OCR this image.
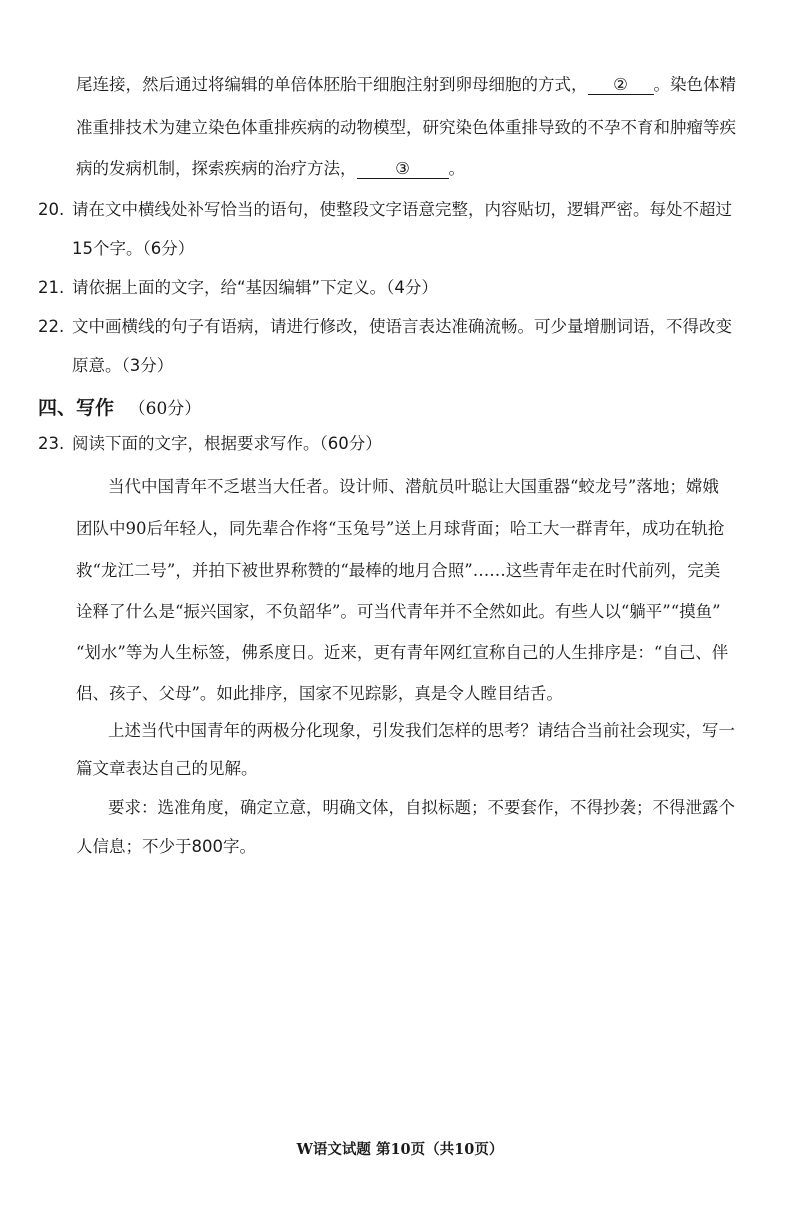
尾连接，然后通过将编辑的单倍体胚胎干细胞注射到卵母细胞的方式， ② 。染色体精
准重排技术为建立染色体重排疾病的动物模型，研究染色体重排导致的不孕不育和肿瘤等疾
病的发病机制，探索疾病的治疗方法， ③ 。
20. 请在文中横线处补写恰当的语句，使整段文字语意完整，内容贴切，逻辑严密。每处不超过
15个字。（6分）
21. 请依据上面的文字，给“基因编辑”下定义。（4分）
22. 文中画横线的句子有语病，请进行修改，使语言表达准确流畅。可少量增删词语，不得改变
原意。（3分）
四、写作 （60分）
23. 阅读下面的文字，根据要求写作。（60分）
当代中国青年不乏堪当大任者。设计师、潜航员叶聪让大国重器“蛟龙号”落地；嫦娥
团队中90后年轻人，同先辈合作将“玉兔号”送上月球背面；哈工大一群青年，成功在轨抢
救“龙江二号”，并拍下被世界称赞的“最棒的地月合照”……这些青年走在时代前列，完美
诠释了什么是“振兴国家，不负韶华”。可当代青年并不全然如此。有些人以“躺平”“摸鱼”
“划水”等为人生标签，佛系度日。近来，更有青年网红宣称自己的人生排序是：“自己、伴
侣、孩子、父母”。如此排序，国家不见踪影，真是令人瞠目结舌。
上述当代中国青年的两极分化现象，引发我们怎样的思考？请结合当前社会现实，写一
篇文章表达自己的见解。
要求：选准角度，确定立意，明确文体，自拟标题；不要套作，不得抄袭；不得泄露个
人信息；不少于800字。
W语文试题 第10页（共10页）
